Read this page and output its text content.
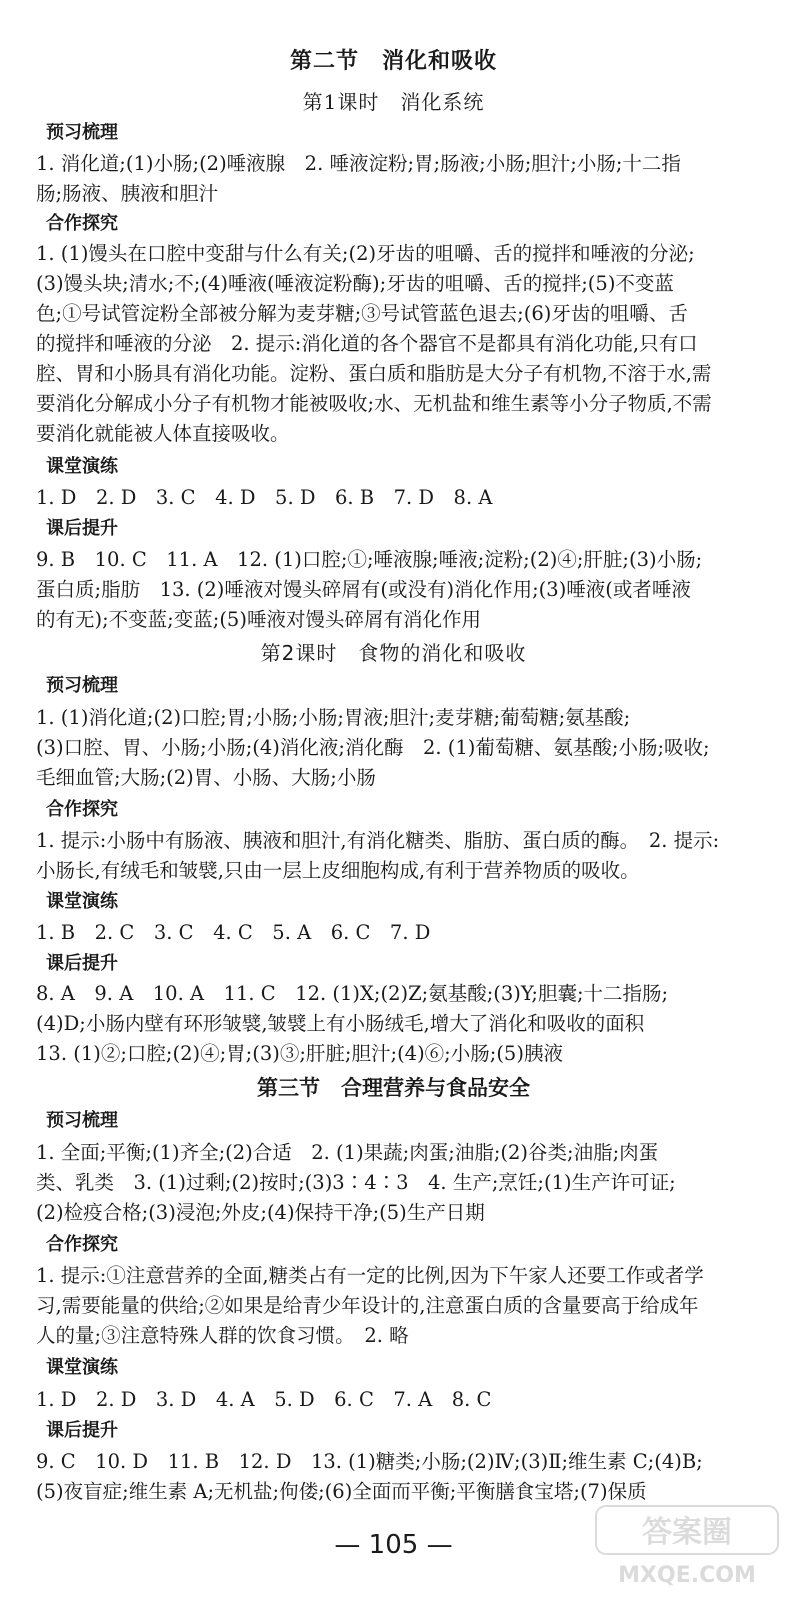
第二节　消化和吸收
第1课时　消化系统
预习梳理
1. 消化道;(1)小肠;(2)唾液腺　2. 唾液淀粉;胃;肠液;小肠;胆汁;小肠;十二指
肠;肠液、胰液和胆汁
合作探究
1. (1)馒头在口腔中变甜与什么有关;(2)牙齿的咀嚼、舌的搅拌和唾液的分泌;
(3)馒头块;清水;不;(4)唾液(唾液淀粉酶);牙齿的咀嚼、舌的搅拌;(5)不变蓝
色;①号试管淀粉全部被分解为麦芽糖;③号试管蓝色退去;(6)牙齿的咀嚼、舌
的搅拌和唾液的分泌　2. 提示:消化道的各个器官不是都具有消化功能,只有口
腔、胃和小肠具有消化功能。淀粉、蛋白质和脂肪是大分子有机物,不溶于水,需
要消化分解成小分子有机物才能被吸收;水、无机盐和维生素等小分子物质,不需
要消化就能被人体直接吸收。
课堂演练
1. D　2. D　3. C　4. D　5. D　6. B　7. D　8. A
课后提升
9. B　10. C　11. A　12. (1)口腔;①;唾液腺;唾液;淀粉;(2)④;肝脏;(3)小肠;
蛋白质;脂肪　13. (2)唾液对馒头碎屑有(或没有)消化作用;(3)唾液(或者唾液
的有无);不变蓝;变蓝;(5)唾液对馒头碎屑有消化作用
第2课时　食物的消化和吸收
预习梳理
1. (1)消化道;(2)口腔;胃;小肠;小肠;胃液;胆汁;麦芽糖;葡萄糖;氨基酸;
(3)口腔、胃、小肠;小肠;(4)消化液;消化酶　2. (1)葡萄糖、氨基酸;小肠;吸收;
毛细血管;大肠;(2)胃、小肠、大肠;小肠
合作探究
1. 提示:小肠中有肠液、胰液和胆汁,有消化糖类、脂肪、蛋白质的酶。　2. 提示:
小肠长,有绒毛和皱襞,只由一层上皮细胞构成,有利于营养物质的吸收。
课堂演练
1. B　2. C　3. C　4. C　5. A　6. C　7. D
课后提升
8. A　9. A　10. A　11. C　12. (1)X;(2)Z;氨基酸;(3)Y;胆囊;十二指肠;
(4)D;小肠内壁有环形皱襞,皱襞上有小肠绒毛,增大了消化和吸收的面积
13. (1)②;口腔;(2)④;胃;(3)③;肝脏;胆汁;(4)⑥;小肠;(5)胰液
第三节　合理营养与食品安全
预习梳理
1. 全面;平衡;(1)齐全;(2)合适　2. (1)果蔬;肉蛋;油脂;(2)谷类;油脂;肉蛋
类、乳类　3. (1)过剩;(2)按时;(3)3∶4∶3　4. 生产;烹饪;(1)生产许可证;
(2)检疫合格;(3)浸泡;外皮;(4)保持干净;(5)生产日期
合作探究
1. 提示:①注意营养的全面,糖类占有一定的比例,因为下午家人还要工作或者学
习,需要能量的供给;②如果是给青少年设计的,注意蛋白质的含量要高于给成年
人的量;③注意特殊人群的饮食习惯。　2. 略
课堂演练
1. D　2. D　3. D　4. A　5. D　6. C　7. A　8. C
课后提升
9. C　10. D　11. B　12. D　13. (1)糖类;小肠;(2)Ⅳ;(3)Ⅱ;维生素 C;(4)B;
(5)夜盲症;维生素 A;无机盐;佝偻;(6)全面而平衡;平衡膳食宝塔;(7)保质
— 105 —	答案圈
MXQE.COM
